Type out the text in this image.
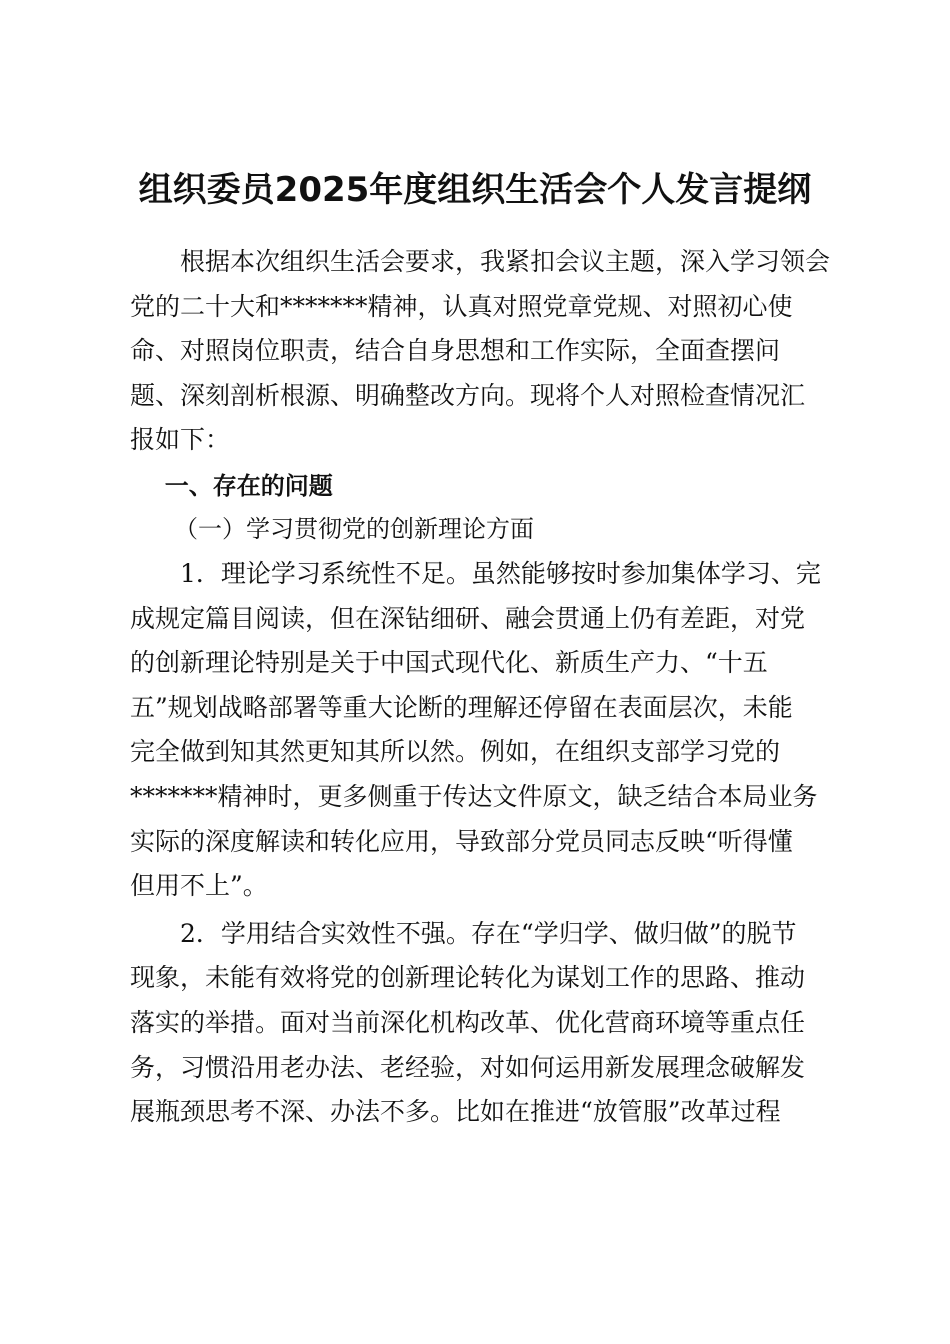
组织委员2025年度组织生活会个人发言提纲

根据本次组织生活会要求，我紧扣会议主题，深入学习领会
党的二十大和*******精神，认真对照党章党规、对照初心使
命、对照岗位职责，结合自身思想和工作实际，全面查摆问
题、深刻剖析根源、明确整改方向。现将个人对照检查情况汇
报如下：

一、存在的问题

（一）学习贯彻党的创新理论方面

1．理论学习系统性不足。虽然能够按时参加集体学习、完
成规定篇目阅读，但在深钻细研、融会贯通上仍有差距，对党
的创新理论特别是关于中国式现代化、新质生产力、“十五
五”规划战略部署等重大论断的理解还停留在表面层次，未能
完全做到知其然更知其所以然。例如，在组织支部学习党的
*******精神时，更多侧重于传达文件原文，缺乏结合本局业务
实际的深度解读和转化应用，导致部分党员同志反映“听得懂
但用不上”。

2．学用结合实效性不强。存在“学归学、做归做”的脱节
现象，未能有效将党的创新理论转化为谋划工作的思路、推动
落实的举措。面对当前深化机构改革、优化营商环境等重点任
务，习惯沿用老办法、老经验，对如何运用新发展理念破解发
展瓶颈思考不深、办法不多。比如在推进“放管服”改革过程
